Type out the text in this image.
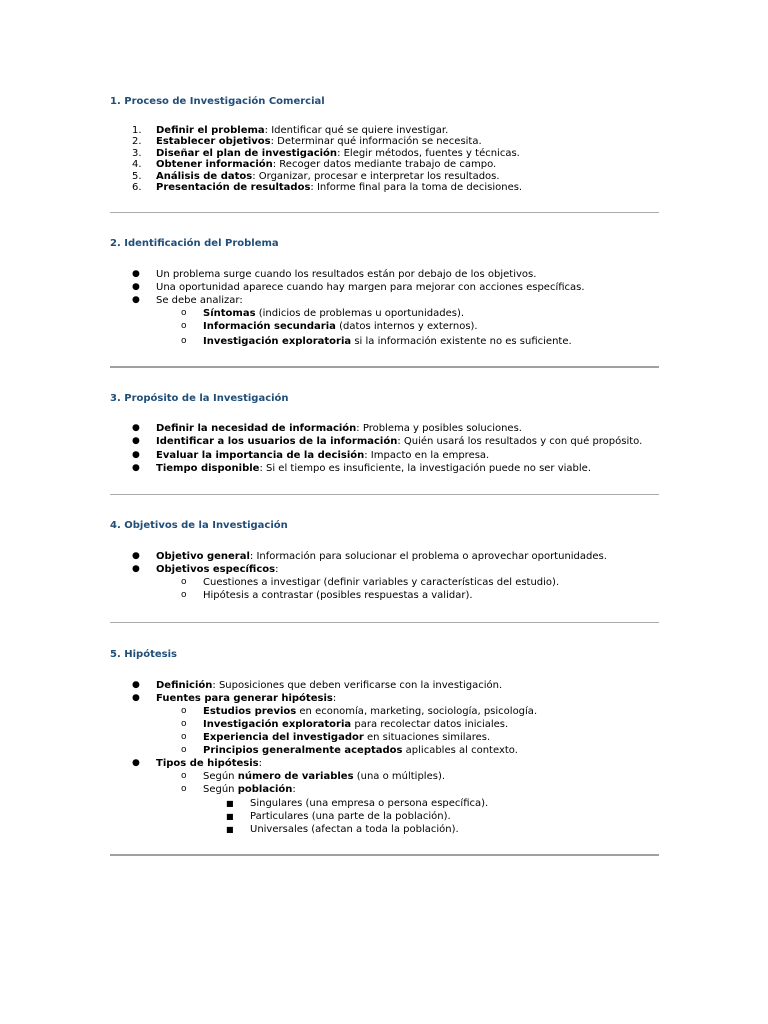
1. Proceso de Investigación Comercial
1. Definir el problema: Identificar qué se quiere investigar.
2. Establecer objetivos: Determinar qué información se necesita.
3. Diseñar el plan de investigación: Elegir métodos, fuentes y técnicas.
4. Obtener información: Recoger datos mediante trabajo de campo.
5. Análisis de datos: Organizar, procesar e interpretar los resultados.
6. Presentación de resultados: Informe final para la toma de decisiones.
2. Identificación del Problema
● Un problema surge cuando los resultados están por debajo de los objetivos.
● Una oportunidad aparece cuando hay margen para mejorar con acciones específicas.
● Se debe analizar:
o Síntomas (indicios de problemas u oportunidades).
o Información secundaria (datos internos y externos).
o Investigación exploratoria si la información existente no es suficiente.
3. Propósito de la Investigación
● Definir la necesidad de información: Problema y posibles soluciones.
● Identificar a los usuarios de la información: Quién usará los resultados y con qué propósito.
● Evaluar la importancia de la decisión: Impacto en la empresa.
● Tiempo disponible: Si el tiempo es insuficiente, la investigación puede no ser viable.
4. Objetivos de la Investigación
● Objetivo general: Información para solucionar el problema o aprovechar oportunidades.
● Objetivos específicos:
o Cuestiones a investigar (definir variables y características del estudio).
o Hipótesis a contrastar (posibles respuestas a validar).
5. Hipótesis
● Definición: Suposiciones que deben verificarse con la investigación.
● Fuentes para generar hipótesis:
o Estudios previos en economía, marketing, sociología, psicología.
o Investigación exploratoria para recolectar datos iniciales.
o Experiencia del investigador en situaciones similares.
o Principios generalmente aceptados aplicables al contexto.
● Tipos de hipótesis:
o Según número de variables (una o múltiples).
o Según población:
■ Singulares (una empresa o persona específica).
■ Particulares (una parte de la población).
■ Universales (afectan a toda la población).
